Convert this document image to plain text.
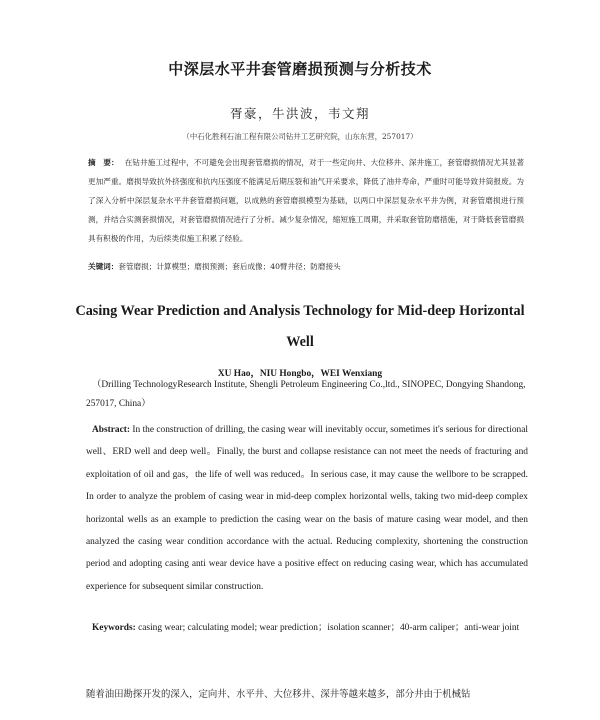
中深层水平井套管磨损预测与分析技术
胥豪，牛洪波，韦文翔
（中石化胜利石油工程有限公司钻井工艺研究院，山东东营，257017）
摘　要： 在钻井施工过程中，不可避免会出现套管磨损的情况，对于一些定向井、大位移井、深井施工，套管磨损情况尤其显著更加严重。磨损导致抗外挤强度和抗内压强度不能满足后期压裂和油气开采要求，降低了油井寿命，严重时可能导致井筒报废。为了深入分析中深层复杂水平井套管磨损问题，以成熟的套管磨损模型为基础，以两口中深层复杂水平井为例，对套管磨损进行预测，并结合实测套损情况，对套管磨损情况进行了分析。减少复杂情况，缩短施工周期，并采取套管防磨措施，对于降低套管磨损具有积极的作用，为后续类似施工积累了经验。
关键词：套管磨损；计算模型；磨损预测；套后成像；40臂井径；防磨接头
Casing Wear Prediction and Analysis Technology for Mid-deep Horizontal Well
XU Hao，NIU Hongbo，WEI Wenxiang
（Drilling TechnologyResearch Institute, Shengli Petroleum Engineering Co.,ltd., SINOPEC, Dongying Shandong, 257017, China）
Abstract: In the construction of drilling, the casing wear will inevitably occur, sometimes it's serious for directional well、ERD well and deep well。Finally, the burst and collapse resistance can not meet the needs of fracturing and exploitation of oil and gas，the life of well was reduced。In serious case, it may cause the wellbore to be scrapped. In order to analyze the problem of casing wear in mid-deep complex horizontal wells, taking two mid-deep complex horizontal wells as an example to prediction the casing wear on the basis of mature casing wear model, and then analyzed the casing wear condition accordance with the actual. Reducing complexity, shortening the construction period and adopting casing anti wear device have a positive effect on reducing casing wear, which has accumulated experience for subsequent similar construction.
Keywords: casing wear; calculating model; wear prediction；isolation scanner；40-arm caliper；anti-wear joint
随着油田勘探开发的深入，定向井、水平井、大位移井、深井等越来越多，部分井由于机械钻
